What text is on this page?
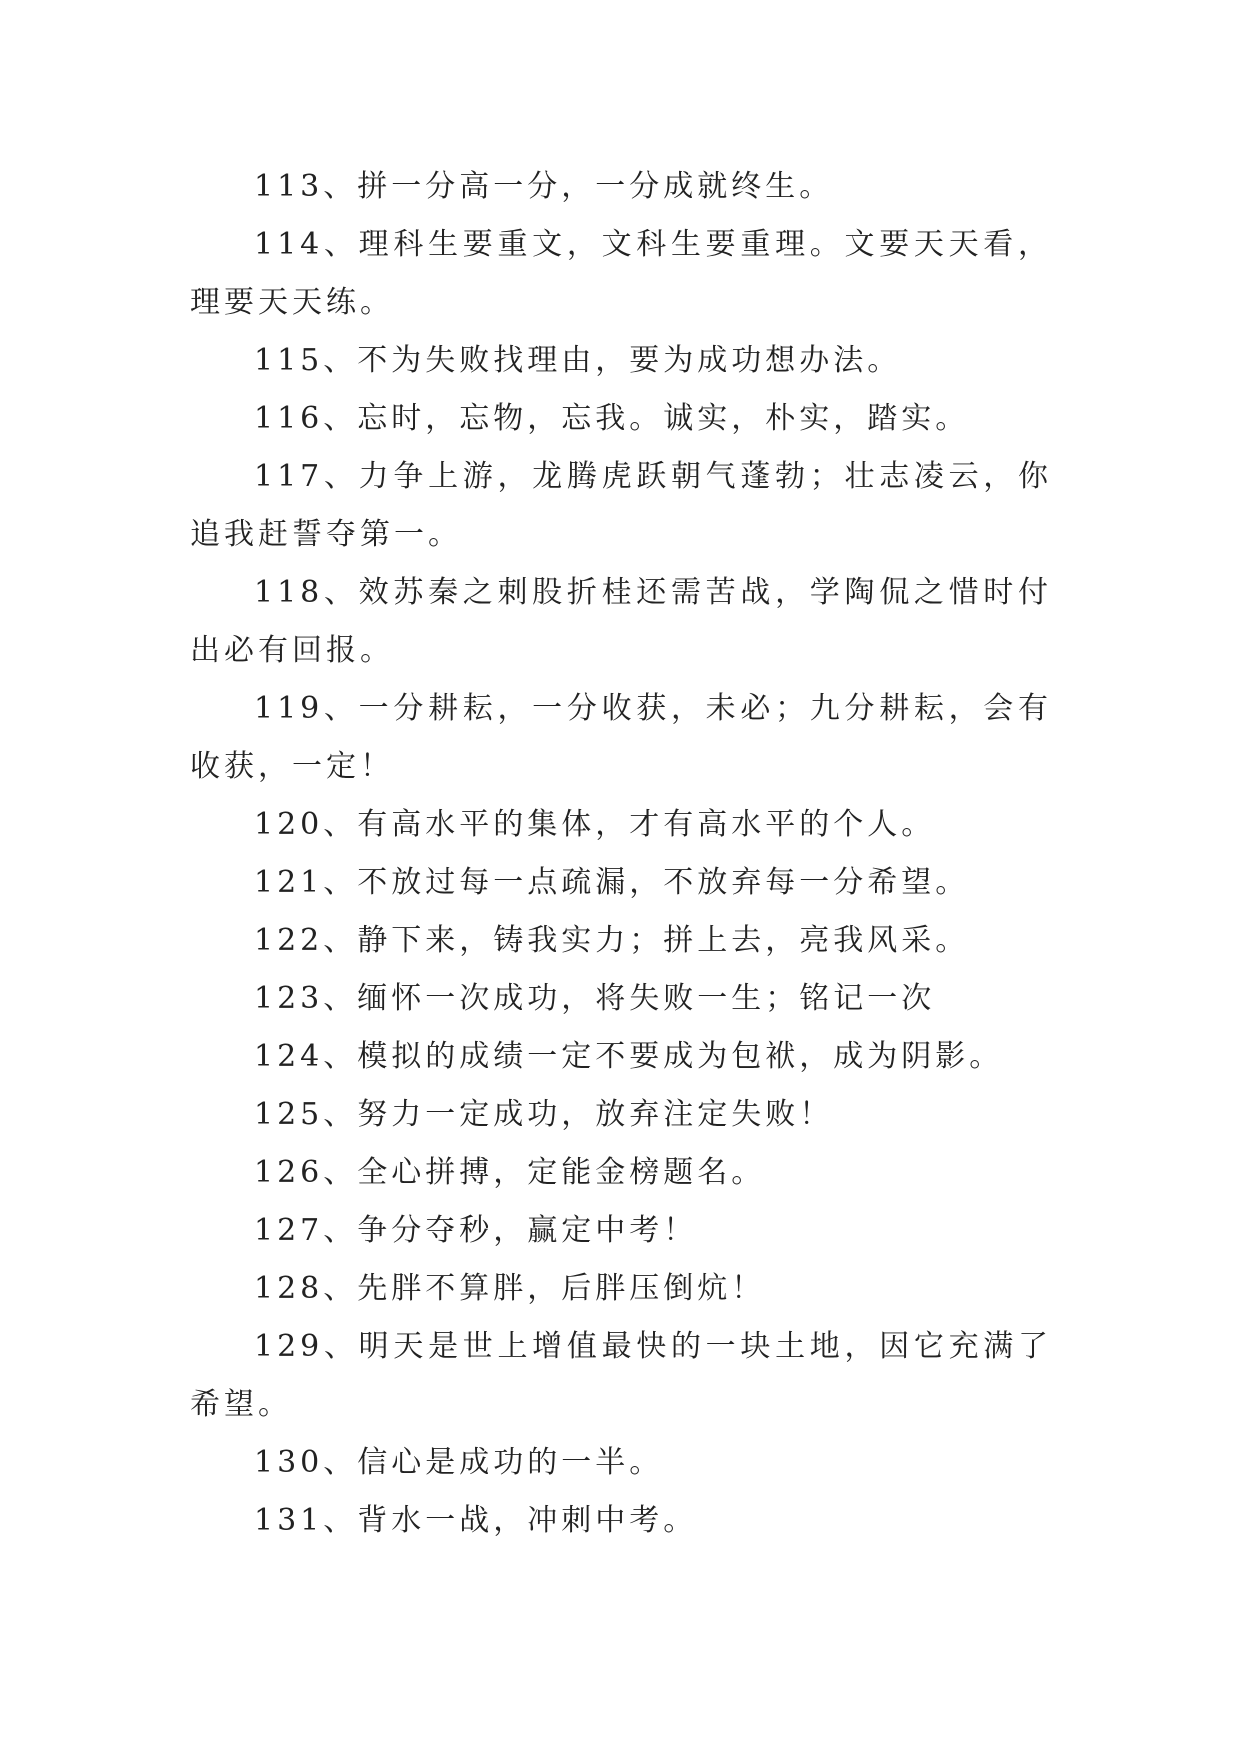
113、拼一分高一分，一分成就终生。

114、理科生要重文，文科生要重理。文要天天看，理要天天练。

115、不为失败找理由，要为成功想办法。

116、忘时，忘物，忘我。诚实，朴实，踏实。

117、力争上游，龙腾虎跃朝气蓬勃；壮志凌云，你追我赶誓夺第一。

118、效苏秦之刺股折桂还需苦战，学陶侃之惜时付出必有回报。

119、一分耕耘，一分收获，未必；九分耕耘，会有收获，一定！

120、有高水平的集体，才有高水平的个人。

121、不放过每一点疏漏，不放弃每一分希望。

122、静下来，铸我实力；拼上去，亮我风采。

123、缅怀一次成功，将失败一生；铭记一次

124、模拟的成绩一定不要成为包袱，成为阴影。

125、努力一定成功，放弃注定失败！

126、全心拼搏，定能金榜题名。

127、争分夺秒，赢定中考！

128、先胖不算胖，后胖压倒炕！

129、明天是世上增值最快的一块土地，因它充满了希望。

130、信心是成功的一半。

131、背水一战，冲刺中考。
